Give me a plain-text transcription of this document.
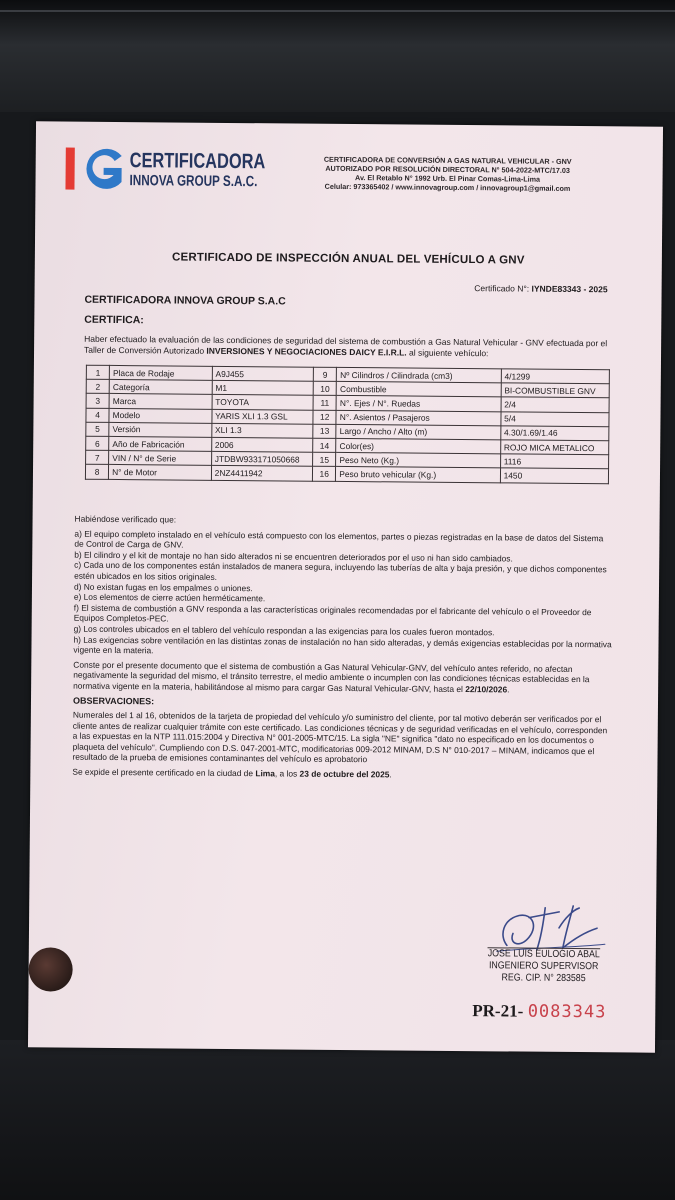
CERTIFICADORA
INNOVA GROUP S.A.C.
CERTIFICADORA DE CONVERSIÓN A GAS NATURAL VEHICULAR - GNV
AUTORIZADO POR RESOLUCIÓN DIRECTORAL N° 504-2022-MTC/17.03
Av. El Retablo N° 1992 Urb. El Pinar Comas-Lima-Lima
Celular: 973365402 / www.innovagroup.com / innovagroup1@gmail.com
CERTIFICADO DE INSPECCIÓN ANUAL DEL VEHÍCULO A GNV
Certificado N°: IYNDE83343 - 2025
CERTIFICADORA INNOVA GROUP S.A.C
CERTIFICA:
Haber efectuado la evaluación de las condiciones de seguridad del sistema de combustión a Gas Natural Vehicular - GNV efectuada por el Taller de Conversión Autorizado INVERSIONES Y NEGOCIACIONES DAICY E.I.R.L. al siguiente vehículo:
1	Placa de Rodaje	A9J455	9	Nº Cilindros / Cilindrada (cm3)	4/1299
2	Categoría	M1	10	Combustible	BI-COMBUSTIBLE GNV
3	Marca	TOYOTA	11	N°. Ejes / N°. Ruedas	2/4
4	Modelo	YARIS XLI 1.3 GSL	12	N°. Asientos / Pasajeros	5/4
5	Versión	XLI 1.3	13	Largo / Ancho / Alto (m)	4.30/1.69/1.46
6	Año de Fabricación	2006	14	Color(es)	ROJO MICA METALICO
7	VIN / N° de Serie	JTDBW933171050668	15	Peso Neto (Kg.)	1116
8	N° de Motor	2NZ4411942	16	Peso bruto vehicular (Kg.)	1450

Habiéndose verificado que:

a) El equipo completo instalado en el vehículo está compuesto con los elementos, partes o piezas registradas en la base de datos del Sistema de Control de Carga de GNV.

b) El cilindro y el kit de montaje no han sido alterados ni se encuentren deteriorados por el uso ni han sido cambiados.

c) Cada uno de los componentes están instalados de manera segura, incluyendo las tuberías de alta y baja presión, y que dichos componentes estén ubicados en los sitios originales.

d) No existan fugas en los empalmes o uniones.

e) Los elementos de cierre actúen herméticamente.

f) El sistema de combustión a GNV responda a las características originales recomendadas por el fabricante del vehículo o el Proveedor de Equipos Completos-PEC.

g) Los controles ubicados en el tablero del vehículo respondan a las exigencias para los cuales fueron montados.

h) Las exigencias sobre ventilación en las distintas zonas de instalación no han sido alteradas, y demás exigencias establecidas por la normativa vigente en la materia.

Conste por el presente documento que el sistema de combustión a Gas Natural Vehicular-GNV, del vehículo antes referido, no afectan negativamente la seguridad del mismo, el tránsito terrestre, el medio ambiente o incumplen con las condiciones técnicas establecidas en la normativa vigente en la materia, habilitándose al mismo para cargar Gas Natural Vehicular-GNV, hasta el 22/10/2026.

OBSERVACIONES:

Numerales del 1 al 16, obtenidos de la tarjeta de propiedad del vehículo y/o suministro del cliente, por tal motivo deberán ser verificados por el cliente antes de realizar cualquier trámite con este certificado. Las condiciones técnicas y de seguridad verificadas en el vehículo, corresponden a las expuestas en la NTP 111.015:2004 y Directiva N° 001-2005-MTC/15. La sigla "NE" significa "dato no especificado en los documentos o plaqueta del vehículo". Cumpliendo con D.S. 047-2001-MTC, modificatorias 009-2012 MINAM, D.S N° 010-2017 – MINAM, indicamos que el resultado de la prueba de emisiones contaminantes del vehículo es aprobatorio

Se expide el presente certificado en la ciudad de Lima, a los 23 de octubre del 2025.

JOSE LUIS EULOGIO ABAL
INGENIERO SUPERVISOR
REG. CIP. N° 283585
PR-21- 0083343
